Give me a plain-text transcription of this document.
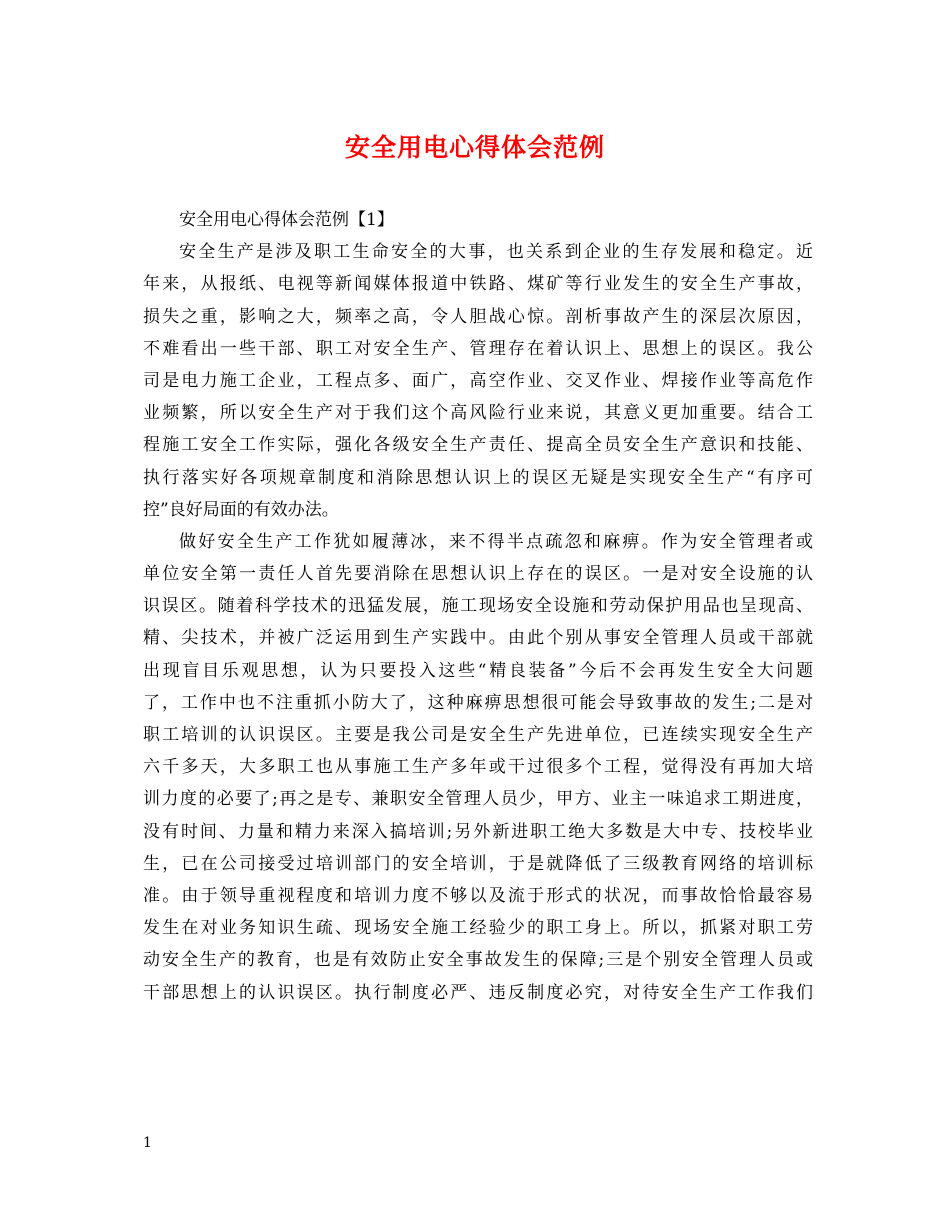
安全用电心得体会范例
安全用电心得体会范例【1】
安全生产是涉及职工生命安全的大事，也关系到企业的生存发展和稳定。近
年来，从报纸、电视等新闻媒体报道中铁路、煤矿等行业发生的安全生产事故，
损失之重，影响之大，频率之高，令人胆战心惊。剖析事故产生的深层次原因，
不难看出一些干部、职工对安全生产、管理存在着认识上、思想上的误区。我公
司是电力施工企业，工程点多、面广，高空作业、交叉作业、焊接作业等高危作
业频繁，所以安全生产对于我们这个高风险行业来说，其意义更加重要。结合工
程施工安全工作实际，强化各级安全生产责任、提高全员安全生产意识和技能、
执行落实好各项规章制度和消除思想认识上的误区无疑是实现安全生产“有序可
控”良好局面的有效办法。
做好安全生产工作犹如履薄冰，来不得半点疏忽和麻痹。作为安全管理者或
单位安全第一责任人首先要消除在思想认识上存在的误区。一是对安全设施的认
识误区。随着科学技术的迅猛发展，施工现场安全设施和劳动保护用品也呈现高、
精、尖技术，并被广泛运用到生产实践中。由此个别从事安全管理人员或干部就
出现盲目乐观思想，认为只要投入这些“精良装备”今后不会再发生安全大问题
了，工作中也不注重抓小防大了，这种麻痹思想很可能会导致事故的发生;二是对
职工培训的认识误区。主要是我公司是安全生产先进单位，已连续实现安全生产
六千多天，大多职工也从事施工生产多年或干过很多个工程，觉得没有再加大培
训力度的必要了;再之是专、兼职安全管理人员少，甲方、业主一味追求工期进度，
没有时间、力量和精力来深入搞培训;另外新进职工绝大多数是大中专、技校毕业
生，已在公司接受过培训部门的安全培训，于是就降低了三级教育网络的培训标
准。由于领导重视程度和培训力度不够以及流于形式的状况，而事故恰恰最容易
发生在对业务知识生疏、现场安全施工经验少的职工身上。所以，抓紧对职工劳
动安全生产的教育，也是有效防止安全事故发生的保障;三是个别安全管理人员或
干部思想上的认识误区。执行制度必严、违反制度必究，对待安全生产工作我们
1
